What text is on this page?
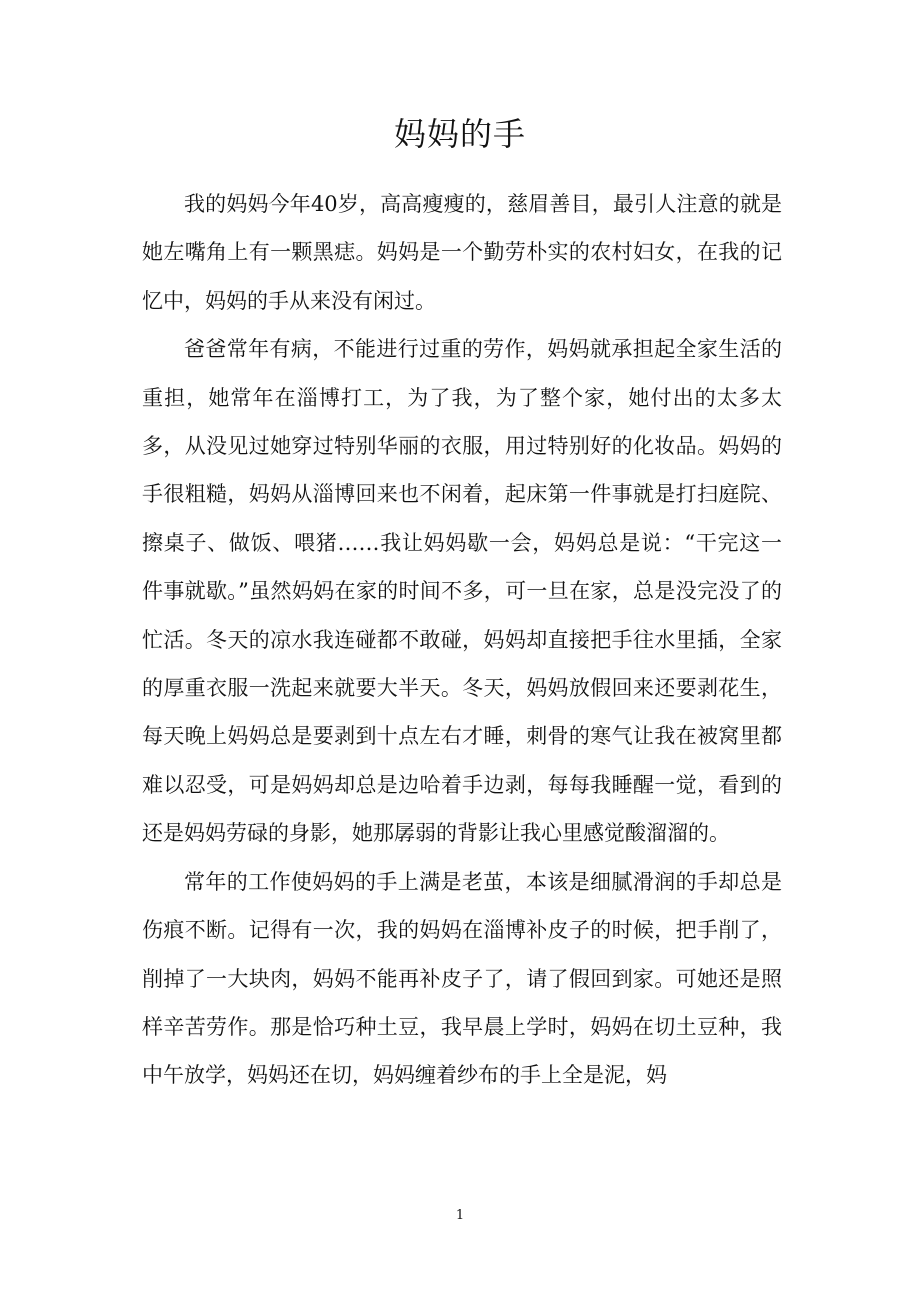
妈妈的手

我的妈妈今年40岁，高高瘦瘦的，慈眉善目，最引人注意的就是她左嘴角上有一颗黑痣。妈妈是一个勤劳朴实的农村妇女，在我的记忆中，妈妈的手从来没有闲过。

爸爸常年有病，不能进行过重的劳作，妈妈就承担起全家生活的重担，她常年在淄博打工，为了我，为了整个家，她付出的太多太多，从没见过她穿过特别华丽的衣服，用过特别好的化妆品。妈妈的手很粗糙，妈妈从淄博回来也不闲着，起床第一件事就是打扫庭院、擦桌子、做饭、喂猪……我让妈妈歇一会，妈妈总是说：“干完这一件事就歇。”虽然妈妈在家的时间不多，可一旦在家，总是没完没了的忙活。冬天的凉水我连碰都不敢碰，妈妈却直接把手往水里插，全家的厚重衣服一洗起来就要大半天。冬天，妈妈放假回来还要剥花生，每天晚上妈妈总是要剥到十点左右才睡，刺骨的寒气让我在被窝里都难以忍受，可是妈妈却总是边哈着手边剥，每每我睡醒一觉，看到的还是妈妈劳碌的身影，她那孱弱的背影让我心里感觉酸溜溜的。

常年的工作使妈妈的手上满是老茧，本该是细腻滑润的手却总是伤痕不断。记得有一次，我的妈妈在淄博补皮子的时候，把手削了，削掉了一大块肉，妈妈不能再补皮子了，请了假回到家。可她还是照样辛苦劳作。那是恰巧种土豆，我早晨上学时，妈妈在切土豆种，我中午放学，妈妈还在切，妈妈缠着纱布的手上全是泥，妈

1
